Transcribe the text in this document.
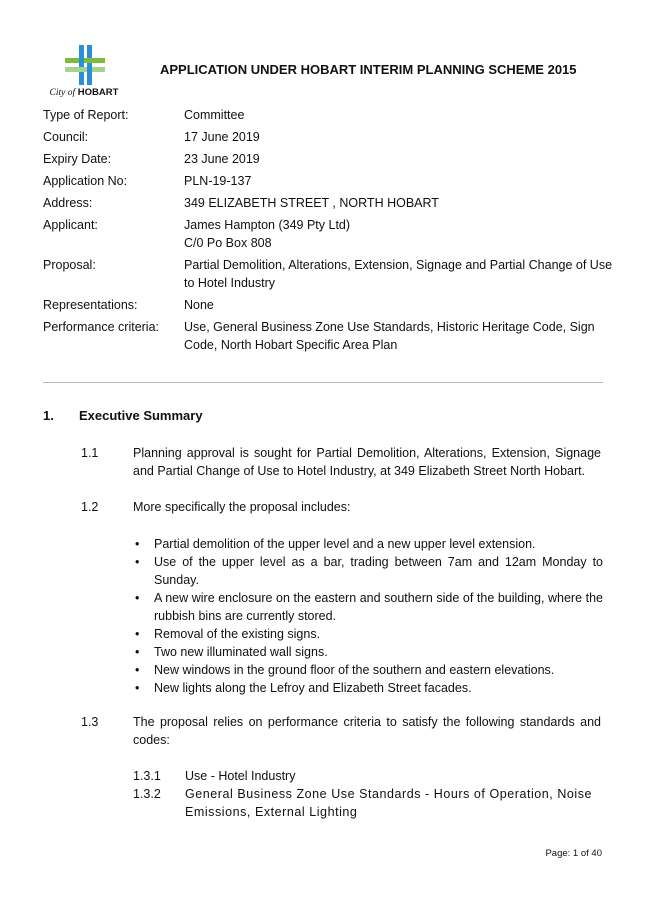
City of HOBART
APPLICATION UNDER HOBART INTERIM PLANNING SCHEME 2015
Type of Report:	Committee
Council:	17 June 2019
Expiry Date:	23 June 2019
Application No:	PLN-19-137
Address:	349 ELIZABETH STREET , NORTH HOBART
Applicant:	James Hampton (349 Pty Ltd)
C/0 Po Box 808
Proposal:	Partial Demolition, Alterations, Extension, Signage and Partial Change of Use to Hotel Industry
Representations:	None
Performance criteria:	Use, General Business Zone Use Standards, Historic Heritage Code, Sign Code, North Hobart Specific Area Plan
1. Executive Summary
1.1	Planning approval is sought for Partial Demolition, Alterations, Extension, Signage and Partial Change of Use to Hotel Industry, at 349 Elizabeth Street North Hobart.
1.2	More specifically the proposal includes:
• Partial demolition of the upper level and a new upper level extension.
• Use of the upper level as a bar, trading between 7am and 12am Monday to Sunday.
• A new wire enclosure on the eastern and southern side of the building, where the rubbish bins are currently stored.
• Removal of the existing signs.
• Two new illuminated wall signs.
• New windows in the ground floor of the southern and eastern elevations.
• New lights along the Lefroy and Elizabeth Street facades.
1.3	The proposal relies on performance criteria to satisfy the following standards and codes:
1.3.1 Use - Hotel Industry
1.3.2 General Business Zone Use Standards - Hours of Operation, Noise Emissions, External Lighting
Page: 1 of 40
